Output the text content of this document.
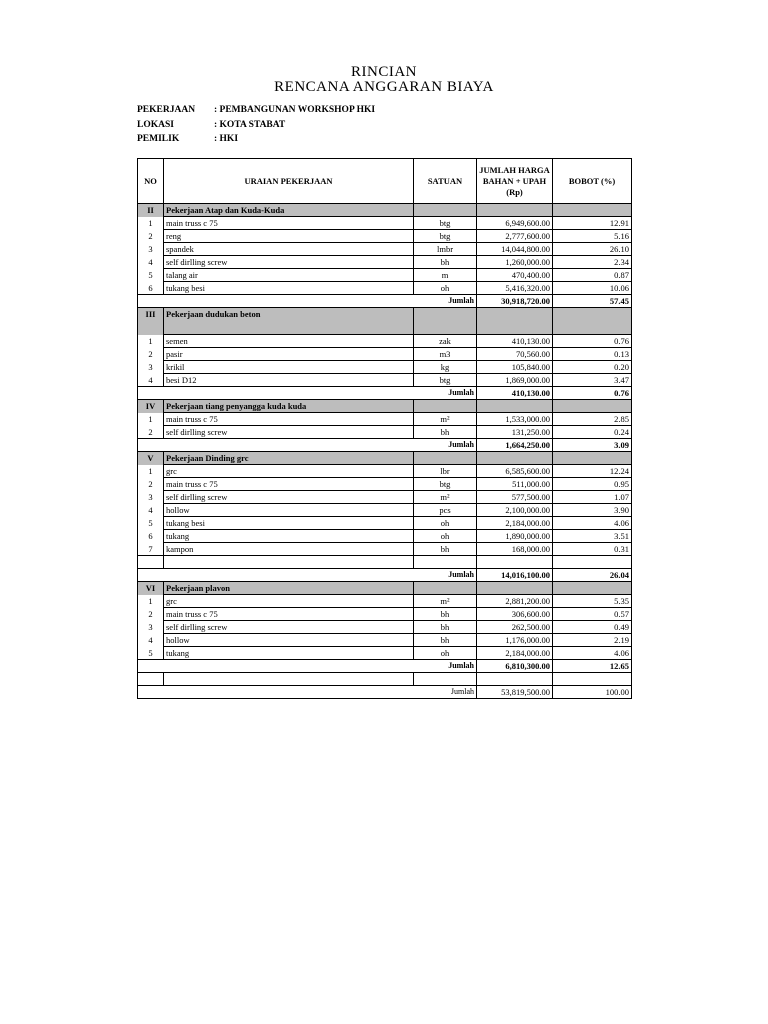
RINCIAN
RENCANA ANGGARAN BIAYA
PEKERJAAN	: PEMBANGUNAN WORKSHOP HKI
LOKASI	: KOTA STABAT
PEMILIK	: HKI
NO	URAIAN PEKERJAAN	SATUAN	JUMLAH HARGA BAHAN + UPAH (Rp)	BOBOT (%)
II	Pekerjaan Atap dan Kuda-Kuda			
1	main truss c 75	btg	6,949,600.00	12.91
2	reng	btg	2,777,600.00	5.16
3	spandek	lmbr	14,044,800.00	26.10
4	self dirlling screw	bh	1,260,000.00	2.34
5	talang air	m	470,400.00	0.87
6	tukang besi	oh	5,416,320.00	10.06
		Jumlah	30,918,720.00	57.45
III	Pekerjaan dudukan beton			
1	semen	zak	410,130.00	0.76
2	pasir	m3	70,560.00	0.13
3	krikil	kg	105,840.00	0.20
4	besi D12	btg	1,869,000.00	3.47
		Jumlah	410,130.00	0.76
IV	Pekerjaan tiang penyangga kuda kuda			
1	main truss c 75	m²	1,533,000.00	2.85
2	self dirlling screw	bh	131,250.00	0.24
		Jumlah	1,664,250.00	3.09
V	Pekerjaan Dinding grc			
1	grc	lbr	6,585,600.00	12.24
2	main truss c 75	btg	511,000.00	0.95
3	self dirlling screw	m²	577,500.00	1.07
4	hollow	pcs	2,100,000.00	3.90
5	tukang besi	oh	2,184,000.00	4.06
6	tukang	oh	1,890,000.00	3.51
7	kampon	bh	168,000.00	0.31

		Jumlah	14,016,100.00	26.04
VI	Pekerjaan plavon			
1	grc	m²	2,881,200.00	5.35
2	main truss c 75	bh	306,600.00	0.57
3	self dirlling screw	bh	262,500.00	0.49
4	hollow	bh	1,176,000.00	2.19
5	tukang	oh	2,184,000.00	4.06
		Jumlah	6,810,300.00	12.65

		Jumlah	53,819,500.00	100.00
